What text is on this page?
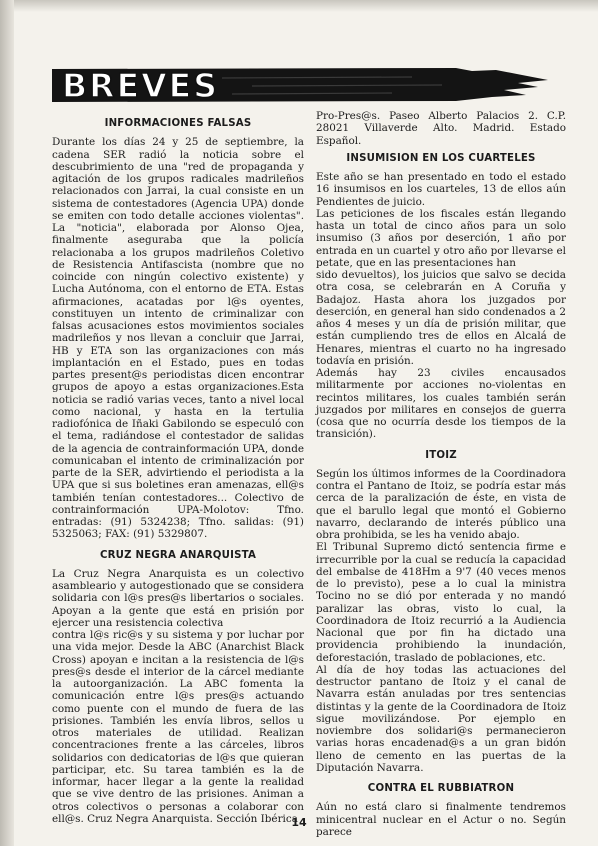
BREVES
INFORMACIONES FALSAS

Durante los días 24 y 25 de septiembre, la cadena SER radió la noticia sobre el descubrimiento de una "red de propaganda y agitación de los grupos radicales madrileños relacionados con Jarrai, la cual consiste en un sistema de contestadores (Agencia UPA) donde se emiten con todo detalle acciones violentas". La "noticia", elaborada por Alonso Ojea, finalmente aseguraba que la policía relacionaba a los grupos madrileños Coletivo de Resistencia Antifascista (nombre que no coincide con ningún colectivo existente) y Lucha Autónoma, con el entorno de ETA. Estas afirmaciones, acatadas por l@s oyentes, constituyen un intento de criminalizar con falsas acusaciones estos movimientos sociales madrileños y nos llevan a concluir que Jarrai, HB y ETA son las organizaciones con más implantación en el Estado, pues en todas partes present@s periodistas dicen encontrar grupos de apoyo a estas organizaciones.Esta noticia se radió varias veces, tanto a nivel local como nacional, y hasta en la tertulia radiofónica de Iñaki Gabilondo se especuló con el tema, radiándose el contestador de salidas de la agencia de contrainformación UPA, donde comunicaban el intento de criminalización por parte de la SER, advirtiendo el periodista a la UPA que si sus boletines eran amenazas, ell@s también tenían contestadores... Colectivo de contrainformación UPA-Molotov: Tfno. entradas: (91) 5324238; Tfno. salidas: (91) 5325063; FAX: (91) 5329807.

CRUZ NEGRA ANARQUISTA

La Cruz Negra Anarquista es un colectivo asambleario y autogestionado que se considera solidaria con l@s pres@s libertarios o sociales. Apoyan a la gente que está en prisión por ejercer una resistencia colectiva

contra l@s ric@s y su sistema y por luchar por una vida mejor. Desde la ABC (Anarchist Black Cross) apoyan e incitan a la resistencia de l@s pres@s desde el interior de la cárcel mediante la autoorganización. La ABC fomenta la comunicación entre l@s pres@s actuando como puente con el mundo de fuera de las prisiones. También les envía libros, sellos u otros materiales de utilidad. Realizan concentraciones frente a las cárceles, libros solidarios con dedicatorias de l@s que quieran participar, etc. Su tarea también es la de informar, hacer llegar a la gente la realidad que se vive dentro de las prisiones. Animan a otros colectivos o personas a colaborar con ell@s. Cruz Negra Anarquista. Sección Ibérica

Pro-Pres@s. Paseo Alberto Palacios 2. C.P. 28021 Villaverde Alto. Madrid. Estado Español.

INSUMISION EN LOS CUARTELES

Este año se han presentado en todo el estado 16 insumisos en los cuarteles, 13 de ellos aún Pendientes de juicio.

Las peticiones de los fiscales están llegando hasta un total de cinco años para un solo insumiso (3 años por deserción, 1 año por entrada en un cuartel y otro año por llevarse el petate, que en las presentaciones han

sido devueltos), los juicios que salvo se decida otra cosa, se celebrarán en A Coruña y Badajoz. Hasta ahora los juzgados por deserción, en general han sido condenados a 2 años 4 meses y un día de prisión militar, que están cumpliendo tres de ellos en Alcalá de Henares, mientras el cuarto no ha ingresado todavía en prisión.

Además hay 23 civiles encausados militarmente por acciones no-violentas en recintos militares, los cuales también serán juzgados por militares en consejos de guerra (cosa que no ocurría desde los tiempos de la transición).

ITOIZ

Según los últimos informes de la Coordinadora contra el Pantano de Itoiz, se podría estar más cerca de la paralización de éste, en vista de que el barullo legal que montó el Gobierno navarro, declarando de interés público una obra prohibida, se les ha venido abajo.

El Tribunal Supremo dictó sentencia firme e irrecurrible por la cual se reducía la capacidad del embalse de 418Hm a 9'7 (40 veces menos de lo previsto), pese a lo cual la ministra Tocino no se dió por enterada y no mandó paralizar las obras, visto lo cual, la Coordinadora de Itoiz recurrió a la Audiencia Nacional que por fin ha dictado una providencia prohibiendo la inundación, deforestación, traslado de poblaciones, etc.

Al día de hoy todas las actuaciones del destructor pantano de Itoiz y el canal de Navarra están anuladas por tres sentencias distintas y la gente de la Coordinadora de Itoiz sigue movilizándose. Por ejemplo en noviembre dos solidari@s permanecieron varias horas encadenad@s a un gran bidón lleno de cemento en las puertas de la Diputación Navarra.

CONTRA EL RUBBIATRON

Aún no está claro si finalmente tendremos minicentral nuclear en el Actur o no. Según parece

14
